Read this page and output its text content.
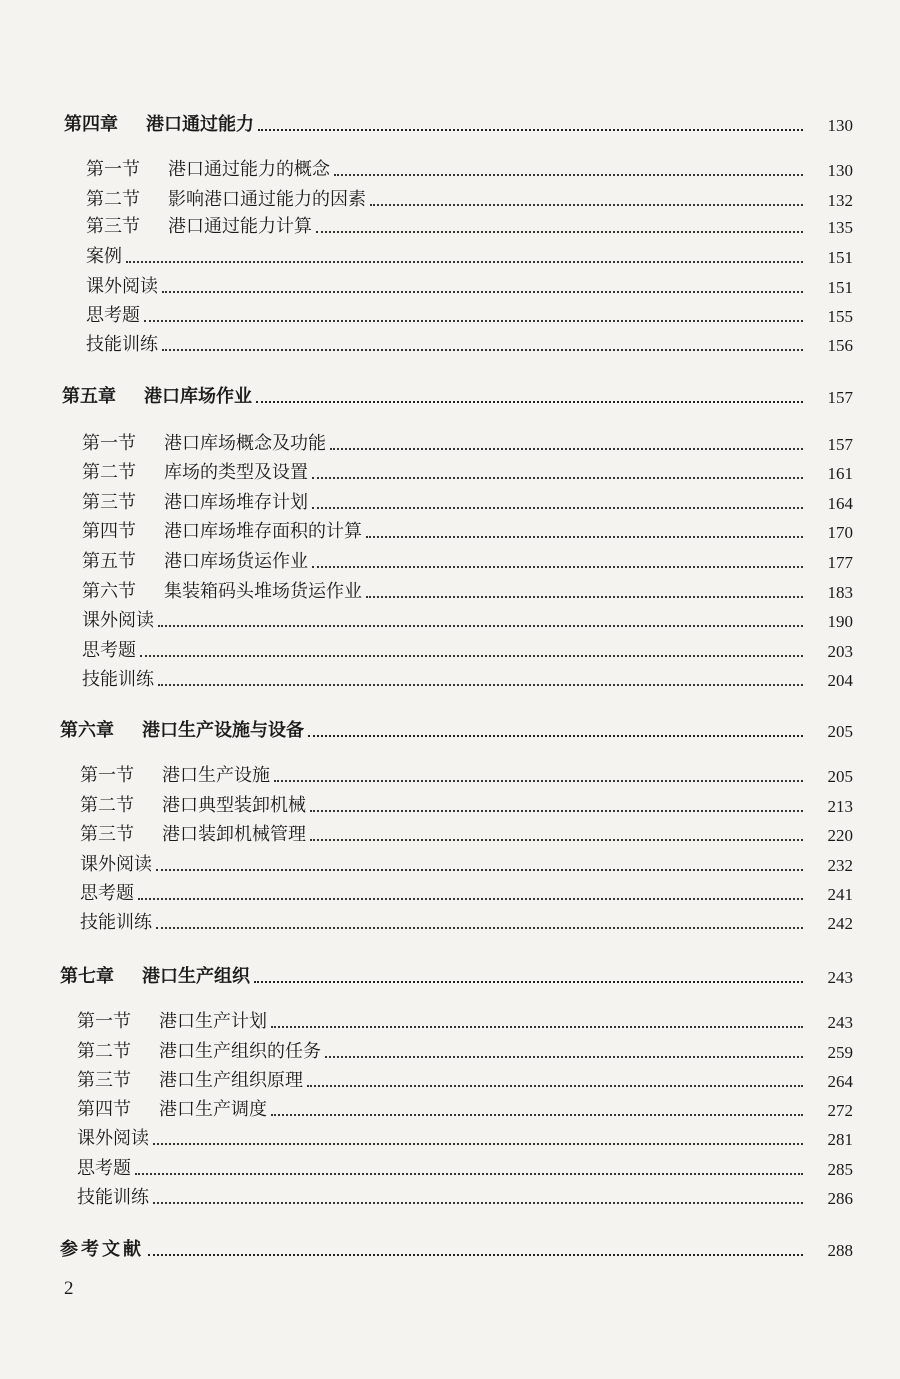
第四章 港口通过能力	130
第一节 港口通过能力的概念	130
第二节 影响港口通过能力的因素	132
第三节 港口通过能力计算	135
案例	151
课外阅读	151
思考题	155
技能训练	156
第五章 港口库场作业	157
第一节 港口库场概念及功能	157
第二节 库场的类型及设置	161
第三节 港口库场堆存计划	164
第四节 港口库场堆存面积的计算	170
第五节 港口库场货运作业	177
第六节 集装箱码头堆场货运作业	183
课外阅读	190
思考题	203
技能训练	204
第六章 港口生产设施与设备	205
第一节 港口生产设施	205
第二节 港口典型装卸机械	213
第三节 港口装卸机械管理	220
课外阅读	232
思考题	241
技能训练	242
第七章 港口生产组织	243
第一节 港口生产计划	243
第二节 港口生产组织的任务	259
第三节 港口生产组织原理	264
第四节 港口生产调度	272
课外阅读	281
思考题	285
技能训练	286
参考文献	288
2
